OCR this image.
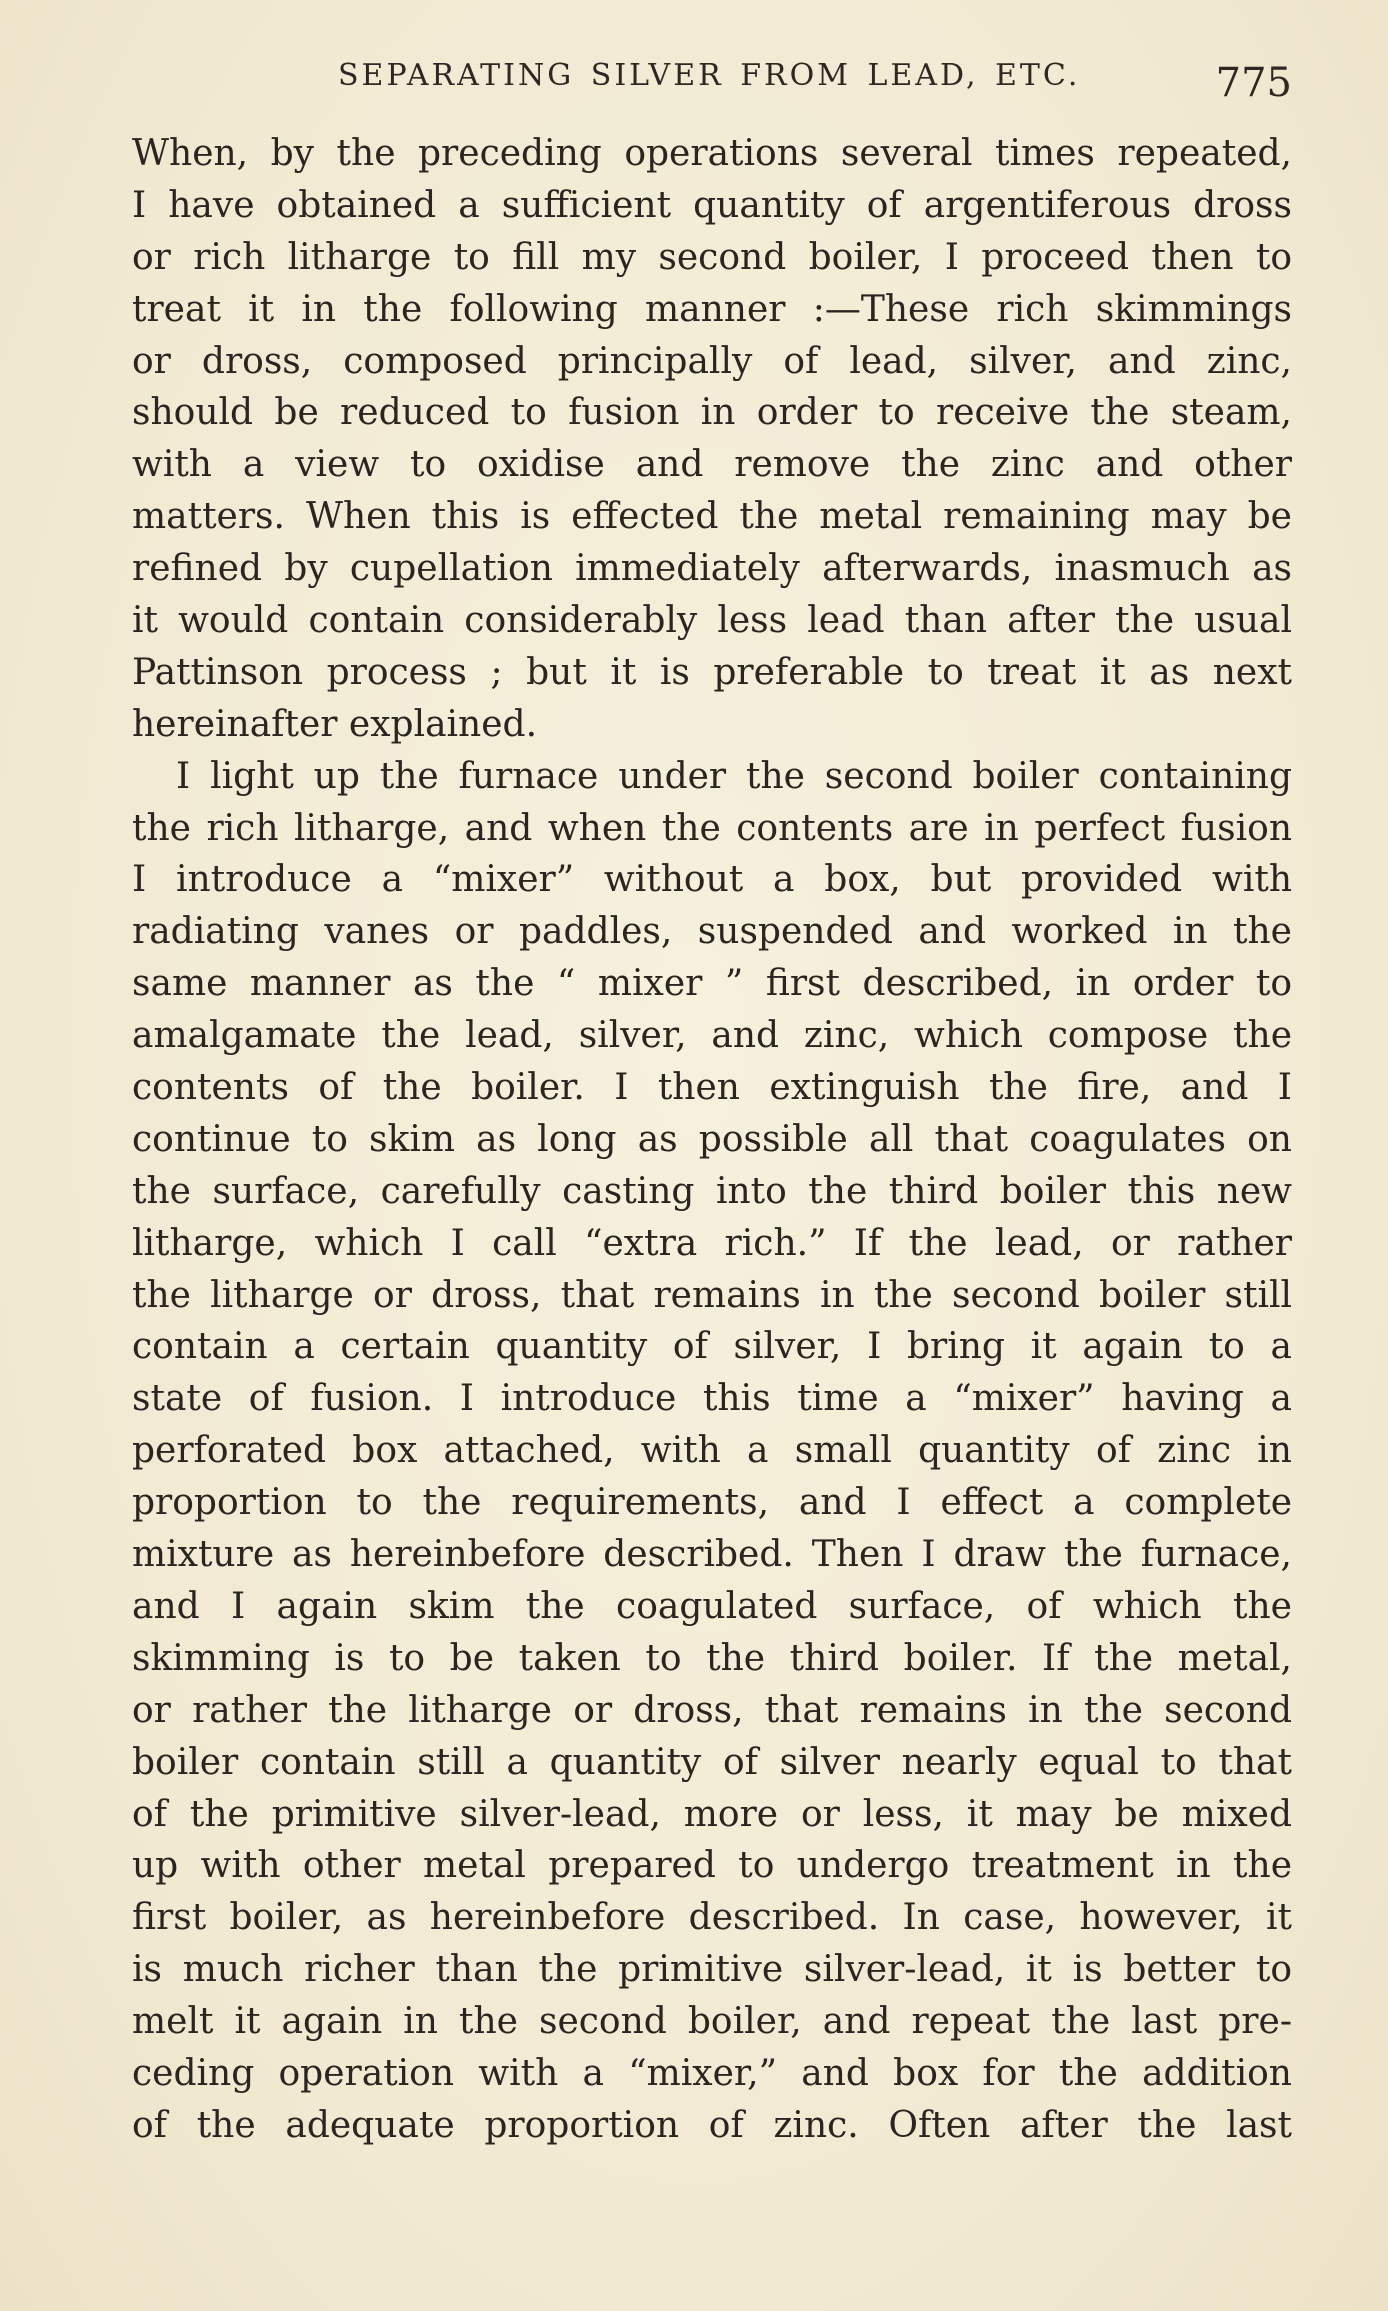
SEPARATING SILVER FROM LEAD, ETC.	775
When, by the preceding operations several times repeated,
I have obtained a sufficient quantity of argentiferous dross
or rich litharge to fill my second boiler, I proceed then to
treat it in the following manner :—These rich skimmings
or dross, composed principally of lead, silver, and zinc,
should be reduced to fusion in order to receive the steam,
with a view to oxidise and remove the zinc and other
matters. When this is effected the metal remaining may be
refined by cupellation immediately afterwards, inasmuch as
it would contain considerably less lead than after the usual
Pattinson process ; but it is preferable to treat it as next
hereinafter explained.
I light up the furnace under the second boiler containing
the rich litharge, and when the contents are in perfect fusion
I introduce a “mixer” without a box, but provided with
radiating vanes or paddles, suspended and worked in the
same manner as the “ mixer ” first described, in order to
amalgamate the lead, silver, and zinc, which compose the
contents of the boiler. I then extinguish the fire, and I
continue to skim as long as possible all that coagulates on
the surface, carefully casting into the third boiler this new
litharge, which I call “extra rich.” If the lead, or rather
the litharge or dross, that remains in the second boiler still
contain a certain quantity of silver, I bring it again to a
state of fusion. I introduce this time a “mixer” having a
perforated box attached, with a small quantity of zinc in
proportion to the requirements, and I effect a complete
mixture as hereinbefore described. Then I draw the furnace,
and I again skim the coagulated surface, of which the
skimming is to be taken to the third boiler. If the metal,
or rather the litharge or dross, that remains in the second
boiler contain still a quantity of silver nearly equal to that
of the primitive silver-lead, more or less, it may be mixed
up with other metal prepared to undergo treatment in the
first boiler, as hereinbefore described. In case, however, it
is much richer than the primitive silver-lead, it is better to
melt it again in the second boiler, and repeat the last pre-
ceding operation with a “mixer,” and box for the addition
of the adequate proportion of zinc. Often after the last
